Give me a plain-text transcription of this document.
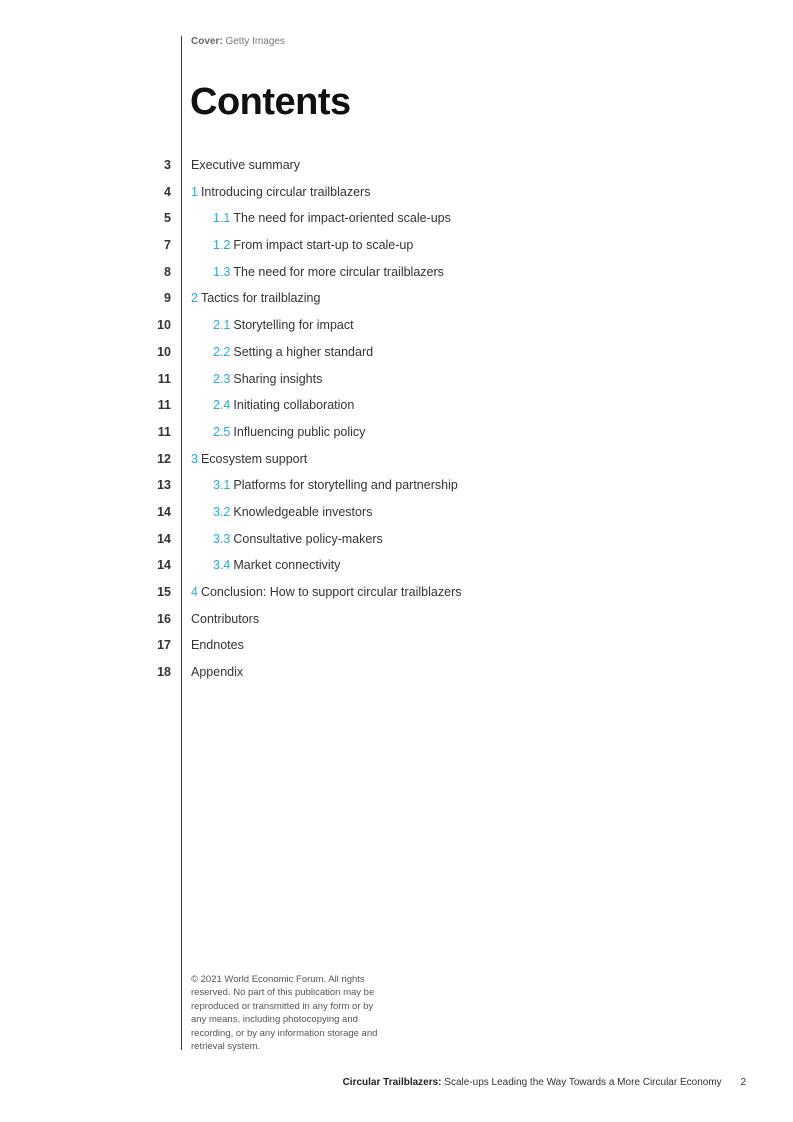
Cover: Getty Images
Contents
3 Executive summary
4 1 Introducing circular trailblazers
5	1.1 The need for impact-oriented scale-ups
7	1.2 From impact start-up to scale-up
8	1.3 The need for more circular trailblazers
9 2 Tactics for trailblazing
10	2.1 Storytelling for impact
10	2.2 Setting a higher standard
11	2.3 Sharing insights
11	2.4 Initiating collaboration
11	2.5 Influencing public policy
12 3 Ecosystem support
13	3.1 Platforms for storytelling and partnership
14	3.2 Knowledgeable investors
14	3.3 Consultative policy-makers
14	3.4 Market connectivity
15 4 Conclusion: How to support circular trailblazers
16 Contributors
17 Endnotes
18 Appendix
© 2021 World Economic Forum. All rights reserved. No part of this publication may be reproduced or transmitted in any form or by any means, including photocopying and recording, or by any information storage and retrieval system.
Circular Trailblazers: Scale-ups Leading the Way Towards a More Circular Economy 2
